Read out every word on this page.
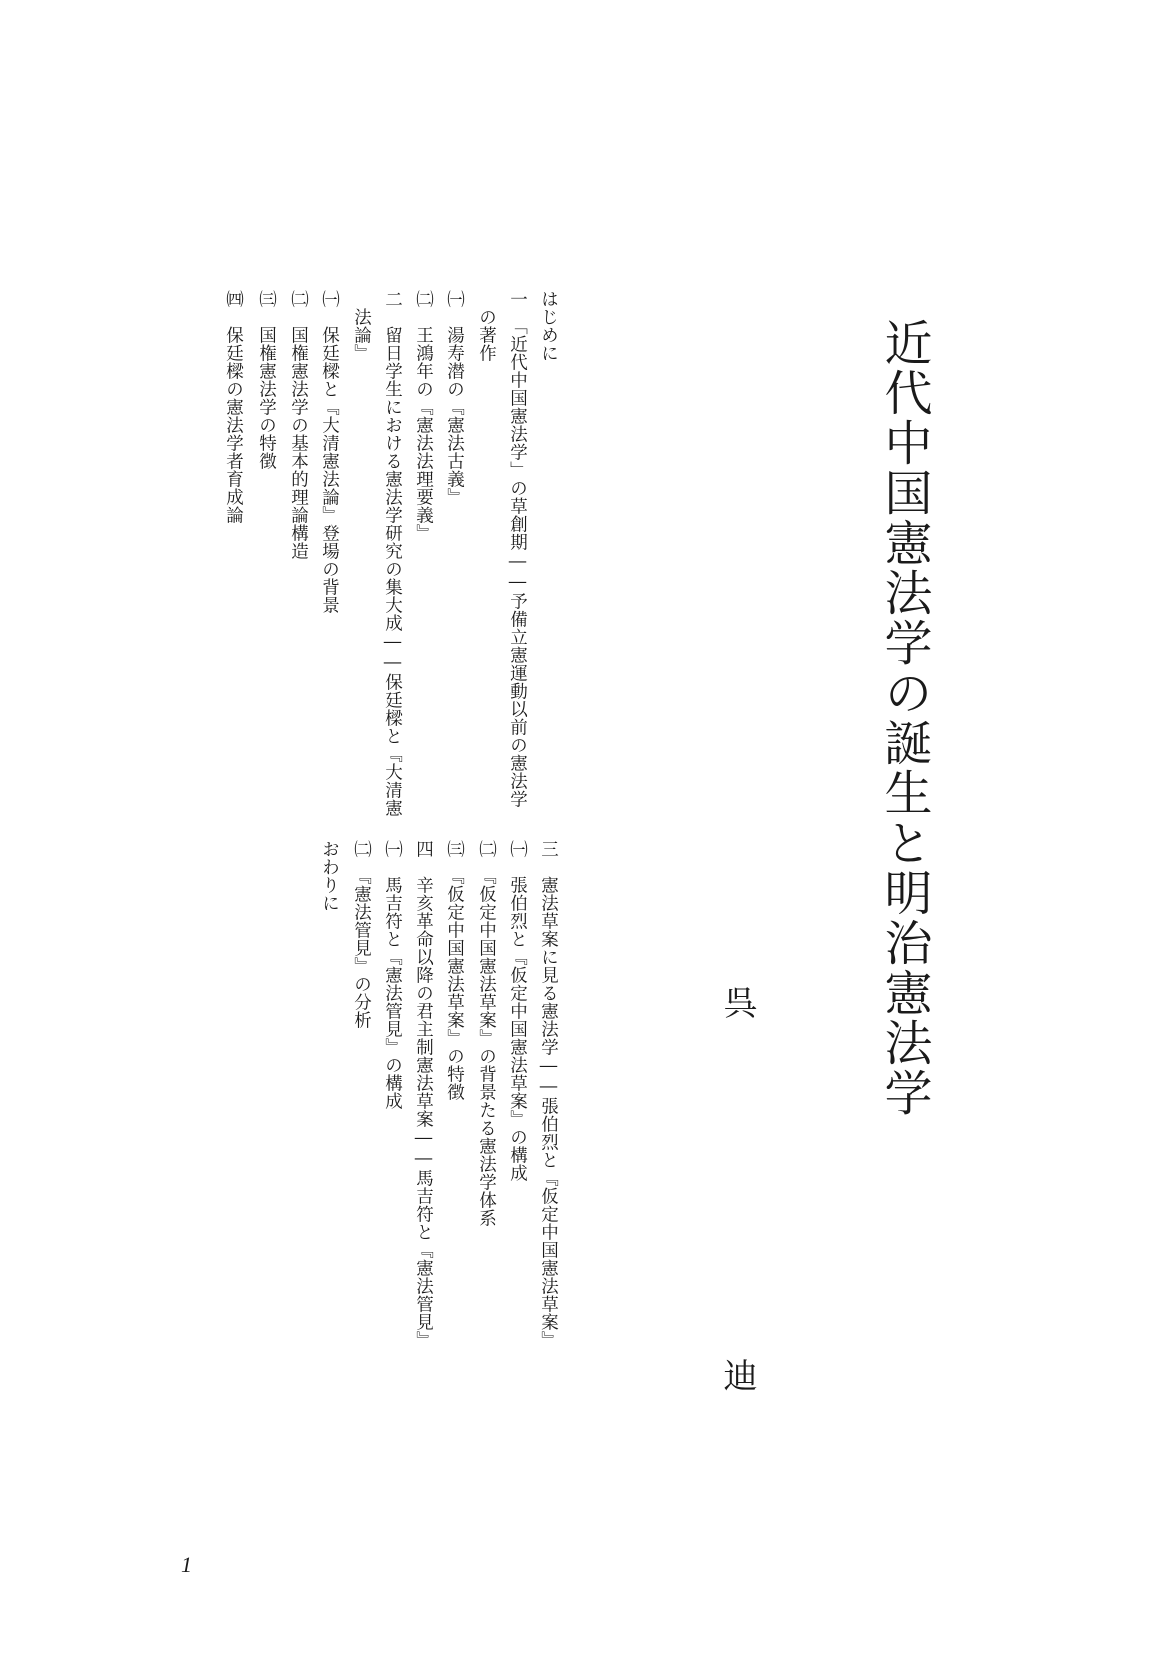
近代中国憲法学の誕生と明治憲法学
呉
迪
はじめに
一　「近代中国憲法学」の草創期――予備立憲運動以前の憲法学
の著作
㈠　湯寿潜の『憲法古義』
㈡　王鴻年の『憲法法理要義』
二　留日学生における憲法学研究の集大成――保廷樑と『大清憲
法論』
㈠　保廷樑と『大清憲法論』登場の背景
㈡　国権憲法学の基本的理論構造
㈢　国権憲法学の特徴
㈣　保廷樑の憲法学者育成論
三　憲法草案に見る憲法学――張伯烈と『仮定中国憲法草案』
㈠　張伯烈と『仮定中国憲法草案』の構成
㈡　『仮定中国憲法草案』の背景たる憲法学体系
㈢　『仮定中国憲法草案』の特徴
四　辛亥革命以降の君主制憲法草案――馬吉符と『憲法管見』
㈠　馬吉符と『憲法管見』の構成
㈡　『憲法管見』の分析
おわりに
1
